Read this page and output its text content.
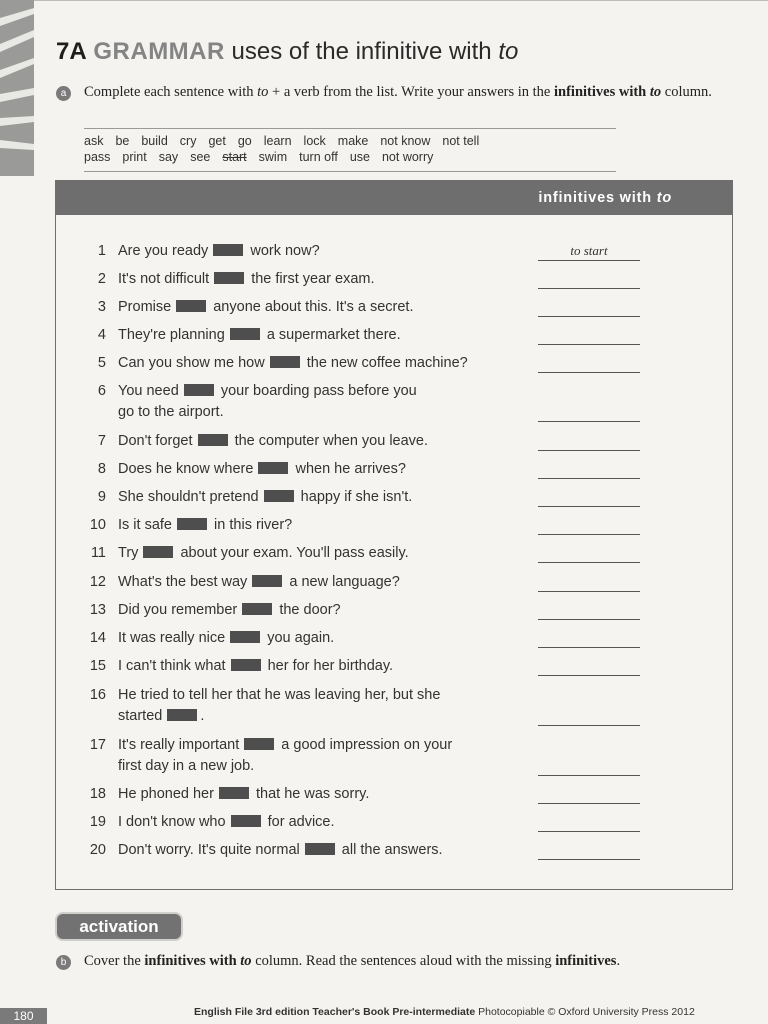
7A GRAMMAR uses of the infinitive with to
a	Complete each sentence with to + a verb from the list. Write your answers in the infinitives with to column.
ask be build cry get go learn lock make not know not tell
pass print say see start swim turn off use not worry
infinitives with to
1 Are you ready  work now?	to start
2 It's not difficult  the first year exam.
3 Promise  anyone about this. It's a secret.
4 They're planning  a supermarket there.
5 Can you show me how  the new coffee machine?
6 You need  your boarding pass before you
go to the airport.
7 Don't forget  the computer when you leave.
8 Does he know where  when he arrives?
9 She shouldn't pretend  happy if she isn't.
10 Is it safe  in this river?
11 Try  about your exam. You'll pass easily.
12 What's the best way  a new language?
13 Did you remember  the door?
14 It was really nice  you again.
15 I can't think what  her for her birthday.
16 He tried to tell her that he was leaving her, but she
started .
17 It's really important  a good impression on your
first day in a new job.
18 He phoned her  that he was sorry.
19 I don't know who  for advice.
20 Don't worry. It's quite normal  all the answers.
activation
b	Cover the infinitives with to column. Read the sentences aloud with the missing infinitives.
180	English File 3rd edition Teacher's Book Pre-intermediate Photocopiable © Oxford University Press 2012
